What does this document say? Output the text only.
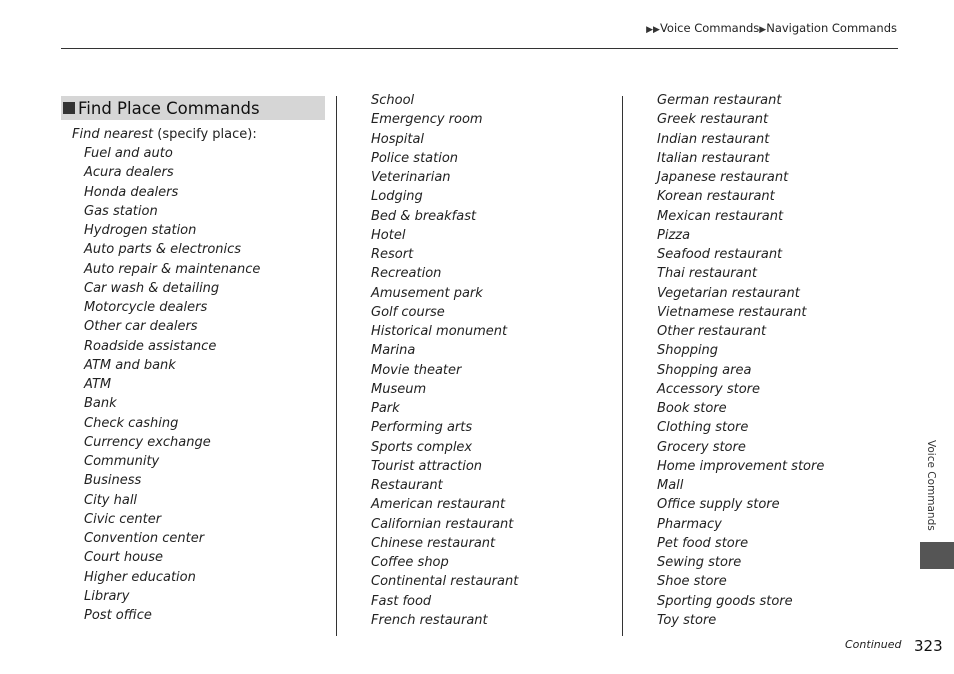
▶▶Voice Commands▶Navigation Commands
Find Place Commands
Find nearest (specify place):
Fuel and auto
Acura dealers
Honda dealers
Gas station
Hydrogen station
Auto parts & electronics
Auto repair & maintenance
Car wash & detailing
Motorcycle dealers
Other car dealers
Roadside assistance
ATM and bank
ATM
Bank
Check cashing
Currency exchange
Community
Business
City hall
Civic center
Convention center
Court house
Higher education
Library
Post office
School
Emergency room
Hospital
Police station
Veterinarian
Lodging
Bed & breakfast
Hotel
Resort
Recreation
Amusement park
Golf course
Historical monument
Marina
Movie theater
Museum
Park
Performing arts
Sports complex
Tourist attraction
Restaurant
American restaurant
Californian restaurant
Chinese restaurant
Coffee shop
Continental restaurant
Fast food
French restaurant
German restaurant
Greek restaurant
Indian restaurant
Italian restaurant
Japanese restaurant
Korean restaurant
Mexican restaurant
Pizza
Seafood restaurant
Thai restaurant
Vegetarian restaurant
Vietnamese restaurant
Other restaurant
Shopping
Shopping area
Accessory store
Book store
Clothing store
Grocery store
Home improvement store
Mall
Office supply store
Pharmacy
Pet food store
Sewing store
Shoe store
Sporting goods store
Toy store
Voice Commands
Continued 323
